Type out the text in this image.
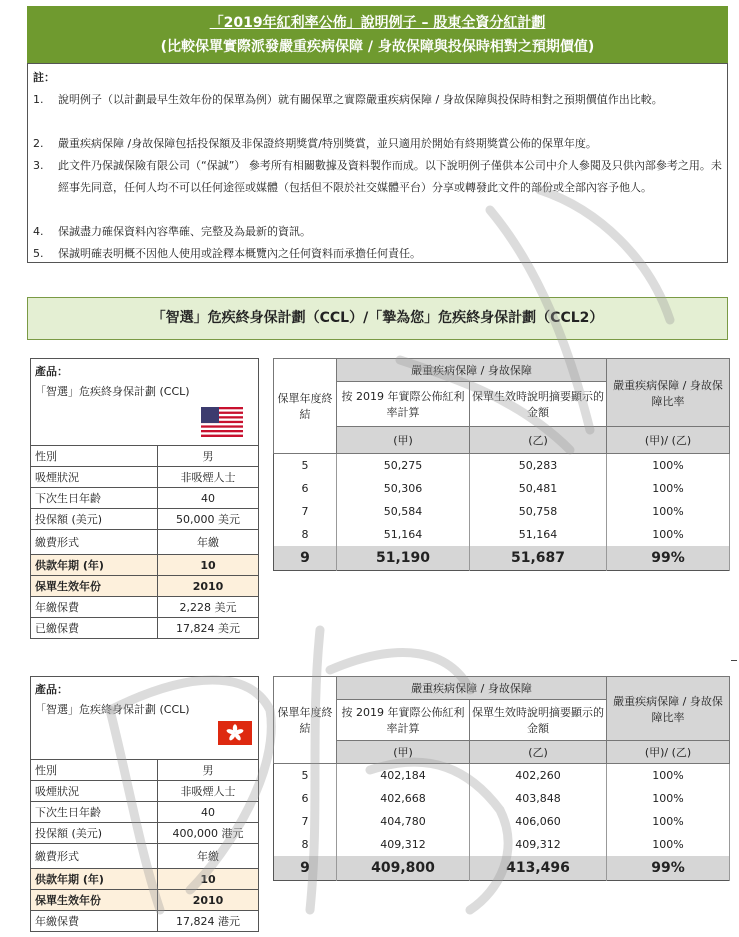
「2019年紅利率公佈」說明例子 – 股東全資分紅計劃
(比較保單實際派發嚴重疾病保障 / 身故保障與投保時相對之預期價值)
註：
1. 說明例子（以計劃最早生效年份的保單為例）就有關保單之實際嚴重疾病保障 / 身故保障與投保時相對之預期價值作出比較。
2. 嚴重疾病保障 /身故保障包括投保額及非保證終期獎賞/特別獎賞，並只適用於開始有終期獎賞公佈的保單年度。
3. 此文件乃保誠保險有限公司（“保誠”） 參考所有相關數據及資料製作而成。以下說明例子僅供本公司中介人參閱及只供內部參考之用。未經事先同意，任何人均不可以任何途徑或媒體（包括但不限於社交媒體平台）分享或轉發此文件的部份或全部內容予他人。
4. 保誠盡力確保資料內容準確、完整及為最新的資訊。
5. 保誠明確表明概不因他人使用或詮釋本概覽內之任何資料而承擔任何責任。
「智選」危疾終身保計劃（CCL）/「摯為您」危疾終身保計劃（CCL2）
產品：
「智選」危疾終身保計劃 (CCL)	

性別	男
吸煙狀況	非吸煙人士
下次生日年齡	40
投保額 (美元)	50,000 美元
繳費形式	年繳
供款年期 (年)	10
保單生效年份	2010
年繳保費	2,228 美元
已繳保費	17,824 美元
保單年度終結	嚴重疾病保障 / 身故保障		嚴重疾病保障 / 身故保障比率
	按 2019 年實際公佈紅利率計算	保單生效時說明摘要顯示的金額	
	(甲)	(乙)	(甲)/ (乙)
5	50,275	50,283	100%
6	50,306	50,481	100%
7	50,584	50,758	100%
8	51,164	51,164	100%
9	51,190	51,687	99%
產品：
「智選」危疾終身保計劃 (CCL)	

性別	男
吸煙狀況	非吸煙人士
下次生日年齡	40
投保額 (美元)	400,000 港元
繳費形式	年繳
供款年期 (年)	10
保單生效年份	2010
年繳保費	17,824 港元
保單年度終結	嚴重疾病保障 / 身故保障		嚴重疾病保障 / 身故保障比率
	按 2019 年實際公佈紅利率計算	保單生效時說明摘要顯示的金額	
	(甲)	(乙)	(甲)/ (乙)
5	402,184	402,260	100%
6	402,668	403,848	100%
7	404,780	406,060	100%
8	409,312	409,312	100%
9	409,800	413,496	99%
